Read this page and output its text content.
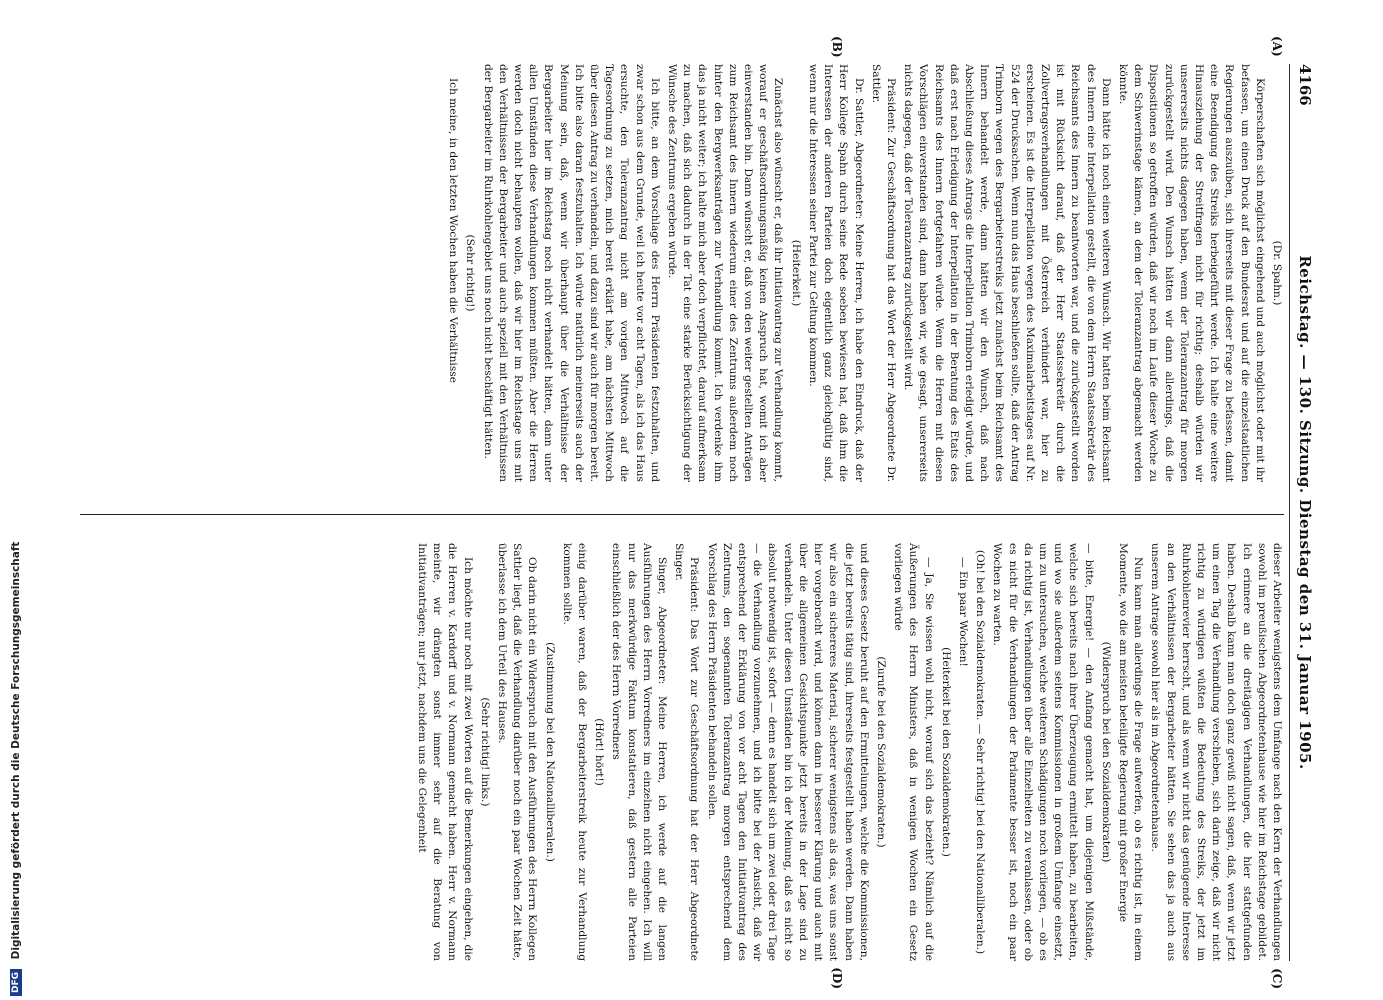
4166
Reichstag. — 130. Sitzung. Dienstag den 31. Januar 1905.

(Dr. Spahn.)

Körperschaften sich möglichst eingehend und auch möglichst oder mit ihr befassen, um einen Druck auf den Bundesrat und auf die einzelstaatlichen Regierungen auszuüben, sich ihrerseits mit dieser Frage zu befassen, damit eine Beendigung des Streiks herbeigeführt werde. Ich halte eine weitere Hinausziehung der Streitfragen nicht für richtig; deshalb würden wir unsererseits nichts dagegen haben, wenn der Toleranzantrag für morgen zurückgestellt wird. Den Wunsch hätten wir dann allerdings, daß die Dispositionen so getroffen würden, daß wir noch im Laufe dieser Woche zu dem Schwerinstage kämen, an dem der Toleranzantrag abgemacht werden könnte.

Dann hätte ich noch einen weiteren Wunsch. Wir hatten beim Reichsamt des Innern eine Interpellation gestellt, die von dem Herrn Staatssekretär des Reichsamts des Innern zu beantworten war, und die zurückgestellt worden ist mit Rücksicht darauf, daß der Herr Staatssekretär durch die Zollvertragsverhandlungen mit Österreich verhindert war, hier zu erscheinen. Es ist die Interpellation wegen des Maximalarbeitstages auf Nr. 524 der Drucksachen. Wenn nun das Haus beschließen sollte, daß der Antrag Trimborn wegen des Bergarbeiterstreiks jetzt zunächst beim Reichsamt des Innern behandelt werde, dann hätten wir den Wunsch, daß nach Abschließung dieses Antrags die Interpellation Trimborn erledigt würde, und daß erst nach Erledigung der Interpellation in der Beratung des Etats des Reichsamts des Innern fortgefahren würde. Wenn die Herren mit diesen Vorschlägen einverstanden sind, dann haben wir, wie gesagt, unsererseits nichts dagegen, daß der Toleranzantrag zurückgestellt wird.

Präsident: Zur Geschäftsordnung hat das Wort der Herr Abgeordnete Dr. Sattler.

Dr. Sattler, Abgeordneter: Meine Herren, ich habe den Eindruck, daß der Herr Kollege Spahn durch seine Rede soeben bewiesen hat, daß ihm die Interessen der anderen Parteien doch eigentlich ganz gleichgültig sind, wenn nur die Interessen seiner Partei zur Geltung kommen.

(Heiterkeit.)

Zunächst also wünscht er, daß ihr Initiativantrag zur Verhandlung kommt, worauf er geschäftsordnungsmäßig keinen Anspruch hat, womit ich aber einverstanden bin. Dann wünscht er, daß von den weiter gestellten Anträgen zum Reichsamt des Innern wiederum einer des Zentrums außerdem noch hinter den Bergwerksanträgen zur Verhandlung kommt. Ich verdenke ihm das ja nicht weiter; ich halte mich aber doch verpflichtet, darauf aufmerksam zu machen, daß sich dadurch in der Tat eine starke Berücksichtigung der Wünsche des Zentrums ergeben würde.

Ich bitte, an dem Vorschlage des Herrn Präsidenten festzuhalten, und zwar schon aus dem Grunde, weil ich heute vor acht Tagen, als ich das Haus ersuchte, den Toleranzantrag nicht am vorigen Mittwoch auf die Tagesordnung zu setzen, mich bereit erklärt habe, am nächsten Mittwoch über diesen Antrag zu verhandeln, und dazu sind wir auch für morgen bereit. Ich bitte also daran festzuhalten. Ich würde natürlich meinerseits auch der Meinung sein, daß, wenn wir überhaupt über die Verhältnisse der Bergarbeiter hier im Reichstag noch nicht verhandelt hätten, dann unter allen Umständen diese Verhandlungen kommen müßten. Aber die Herren werden doch nicht behaupten wollen, daß wir hier im Reichstage uns mit den Verhältnissen der Bergarbeiter und auch speziell mit den Verhältnissen der Bergarbeiter im Ruhrkohlengebiet uns noch nicht beschäftigt hätten.

(Sehr richtig!)

Ich meine, in den letzten Wochen haben die Verhältnisse

dieser Arbeiter wenigstens dem Umfange nach den Kern der Verhandlungen sowohl im preußischen Abgeordnetenhause wie hier im Reichstage gebildet. Ich erinnere an die dreitägigen Verhandlungen, die hier stattgefunden haben. Deshalb kann man doch ganz gewiß nicht sagen, daß, wenn wir jetzt um einen Tag die Verhandlung verschieben, sich darin zeige, daß wir nicht richtig zu würdigen wüßten die Bedeutung des Streiks, der jetzt im Ruhrkohlenrevier herrscht, und als wenn wir nicht das genügende Interesse an den Verhältnissen der Bergarbeiter hätten. Sie sehen das ja auch aus unserem Antrage sowohl hier als im Abgeordnetenhause.

Nun kann man allerdings die Frage aufwerfen, ob es richtig ist, in einem Momente, wo die am meisten beteiligte Regierung mit großer Energie

(Widerspruch bei den Sozialdemokraten)

— bitte, Energie! — den Anfang gemacht hat, um diejenigen Mißstände, welche sich bereits nach ihrer Überzeugung ermittelt haben, zu bearbeiten, und wo sie außerdem seitens Kommissionen in großem Umfange einsetzt, um zu untersuchen, welche weiteren Schädigungen noch vorliegen, — ob es da richtig ist, Verhandlungen über alle Einzelheiten zu veranlassen, oder ob es nicht für die Verhandlungen der Parlamente besser ist, noch ein paar Wochen zu warten.

(Oh! bei den Sozialdemokraten. — Sehr richtig! bei den Nationalliberalen.)

— Ein paar Wochen!

(Heiterkeit bei den Sozialdemokraten.)

— Ja, Sie wissen wohl nicht, worauf sich das bezieht? Nämlich auf die Äußerungen des Herrn Ministers, daß in wenigen Wochen ein Gesetz vorliegen würde

(Zurufe bei den Sozialdemokraten.)

und dieses Gesetz beruht auf den Ermittelungen, welche die Kommissionen, die jetzt bereits tätig sind, ihrerseits festgestellt haben werden. Dann haben wir also ein sichereres Material, sicherer wenigstens als das, was uns sonst hier vorgebracht wird, und können dann in besserer Klärung und auch mit über die allgemeinen Gesichtspunkte jetzt bereits in der Lage sind zu verhandeln. Unter diesen Umständen bin ich der Meinung, daß es nicht so absolut notwendig ist, sofort — denn es handelt sich um zwei oder drei Tage — die Verhandlung vorzunehmen, und ich bitte bei der Ansicht, daß wir entsprechend der Erklärung von vor acht Tagen den Initiativantrag des Zentrums, den sogenannten Toleranzantrag morgen entsprechend dem Vorschlag des Herrn Präsidenten behandeln sollen.

Präsident: Das Wort zur Geschäftsordnung hat der Herr Abgeordnete Singer.

Singer, Abgeordneter: Meine Herren, ich werde auf die langen Ausführungen des Herrn Vorredners im einzelnen nicht eingehen. Ich will nur das merkwürdige Faktum konstatieren, daß gestern alle Parteien einschließlich der des Herrn Vorredners

(Hört! hört!)

einig darüber waren, daß der Bergarbeiterstreik heute zur Verhandlung kommen sollte.

(Zustimmung bei den Nationalliberalen.)

Ob darin nicht ein Widerspruch mit den Ausführungen des Herrn Kollegen Sattler liegt, daß die Verhandlung darüber noch ein paar Wochen Zeit hätte, überlasse ich dem Urteil des Hauses.

(Sehr richtig! links.)

Ich möchte nur noch mit zwei Worten auf die Bemerkungen eingehen, die die Herren v. Kardorff und v. Normann gemacht haben. Herr v. Normann meinte, wir drängten sonst immer sehr auf die Beratung von Initiativanträgen; nur jetzt, nachdem uns die Gelegenheit

(A)
(B)
(C)
(D)
DFG Digitalisierung gefördert durch die Deutsche Forschungsgemeinschaft
